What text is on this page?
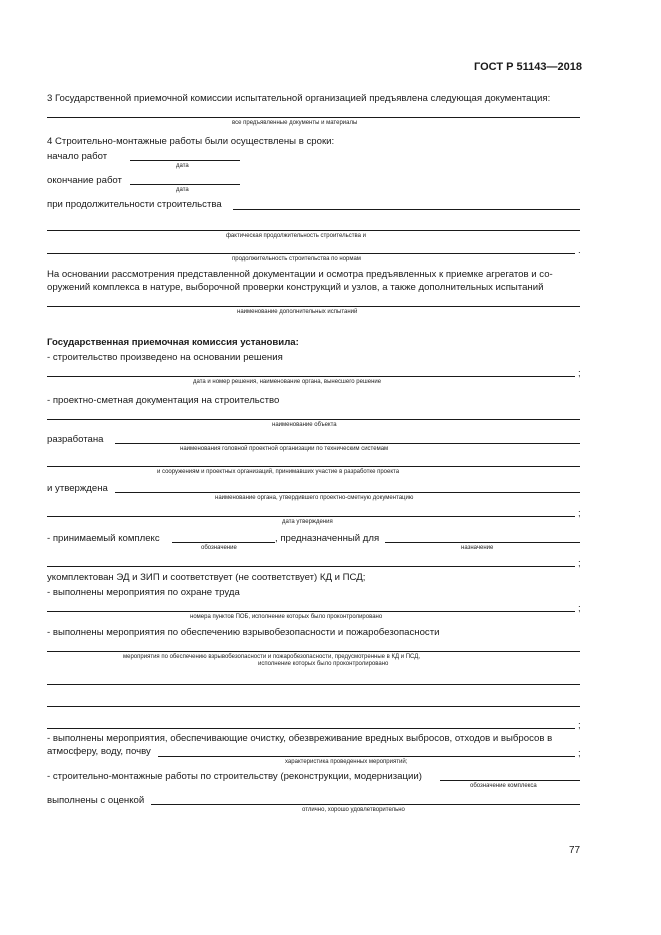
ГОСТ Р 51143—2018
3 Государственной приемочной комиссии испытательной организацией предъявлена следующая документация:
все предъявленные документы и материалы
4 Строительно-монтажные работы были осуществлены в сроки:
начало работ
дата
окончание работ
дата
при продолжительности строительства
фактическая продолжительность строительства и
.
продолжительность строительства по нормам
На основании рассмотрения представленной документации и осмотра предъявленных к приемке агрегатов и со-
оружений комплекса в натуре, выборочной проверки конструкций и узлов, а также дополнительных испытаний
наименование дополнительных испытаний
Государственная приемочная комиссия установила:
- строительство произведено на основании решения
;
дата и номер решения, наименование органа, вынесшего решение
- проектно-сметная документация на строительство
наименование объекта
разработана
наименования головной проектной организации по техническим системам
и сооружениям и проектных организаций, принимавших участие в разработке проекта
и утверждена
наименование органа, утвердившего проектно-сметную документацию
;
дата утверждения
- принимаемый комплекс	, предназначенный для
обозначение	назначение
;
укомплектован ЭД и ЗИП и соответствует (не соответствует) КД и ПСД;
- выполнены мероприятия по охране труда
;
номера пунктов ПОБ, исполнение которых было проконтролировано
- выполнены мероприятия по обеспечению взрывобезопасности и пожаробезопасности
мероприятия по обеспечению взрывобезопасности и пожаробезопасности, предусмотренные в КД и ПСД,
исполнение которых было проконтролировано
;
- выполнены мероприятия, обеспечивающие очистку, обезвреживание вредных выбросов, отходов и выбросов в
атмосферу, воду, почву	;
характеристика проведенных мероприятий;
- строительно-монтажные работы по строительству (реконструкции, модернизации)
обозначение комплекса
выполнены с оценкой
отлично, хорошо удовлетворительно
77
